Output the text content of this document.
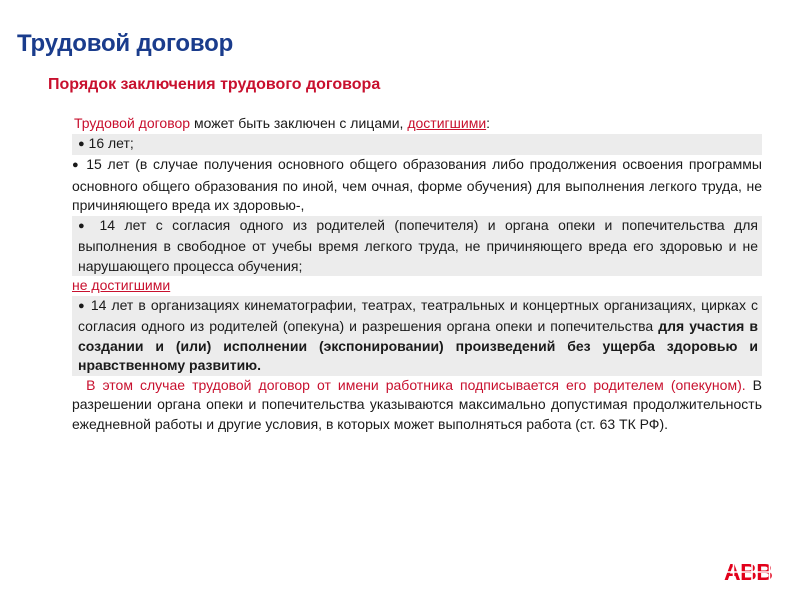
Трудовой договор
Порядок заключения трудового договора

Трудовой договор может быть заключен с лицами, достигшими:

● 16 лет;

● 15 лет (в случае получения основного общего образования либо продолжения освоения программы основного общего образования по иной, чем очная, форме обучения) для выполнения легкого труда, не причиняющего вреда их здоровью-,

● 14 лет с согласия одного из родителей (попечителя) и органа опеки и попечительства для выполнения в свободное от учебы время легкого труда, не причиняющего вреда его здоровью и не нарушающего процесса обучения;

не достигшими

● 14 лет в организациях кинематографии, театрах, театральных и концертных организациях, цирках с согласия одного из родителей (опекуна) и разрешения органа опеки и попечительства для участия в создании и (или) исполнении (экспонировании) произведений без ущерба здоровью и нравственному развитию.

В этом случае трудовой договор от имени работника подписывается его родителем (опекуном). В разрешении органа опеки и попечительства указываются максимально допустимая продолжительность ежедневной работы и другие условия, в которых может выполняться работа (ст. 63 ТК РФ).

ABB
